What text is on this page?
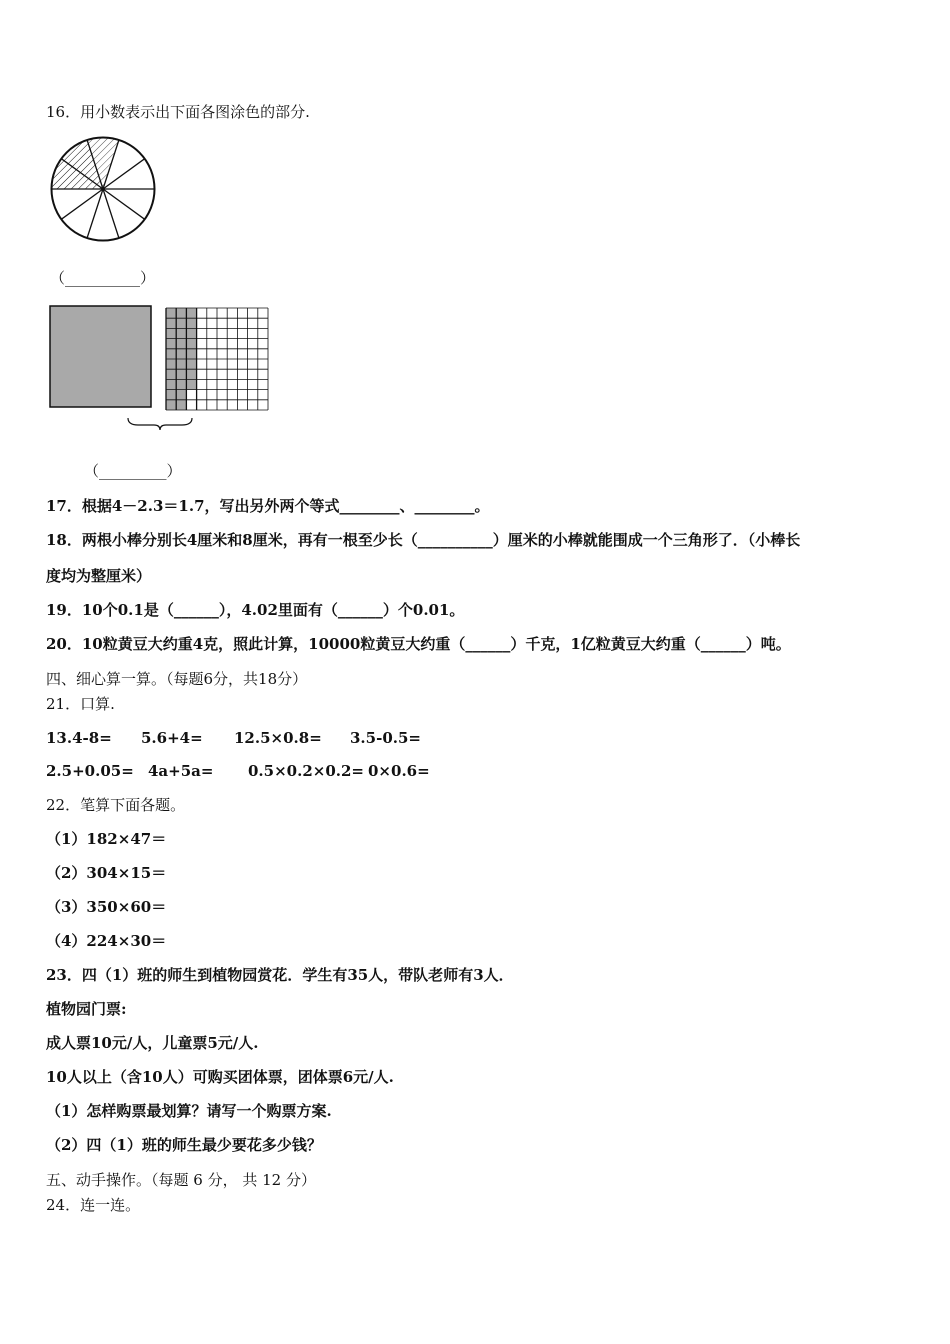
16．用小数表示出下面各图涂色的部分.
（__________）
（_________）
17．根据4－2.3＝1.7，写出另外两个等式________、________。
18．两根小棒分别长4厘米和8厘米，再有一根至少长（__________）厘米的小棒就能围成一个三角形了．（小棒长
度均为整厘米）
19．10个0.1是（______），4.02里面有（______）个0.01。
20．10粒黄豆大约重4克，照此计算，10000粒黄豆大约重（______）千克，1亿粒黄豆大约重（______）吨。
四、细心算一算。（每题6分，共18分）
21．口算.
13.4-8= 5.6+4= 12.5×0.8= 3.5-0.5=
2.5+0.05= 4a+5a= 0.5×0.2×0.2= 0×0.6=
22．笔算下面各题。
（1）182×47＝
（2）304×15＝
（3）350×60＝
（4）224×30＝
23．四（1）班的师生到植物园赏花．学生有35人，带队老师有3人．
植物园门票:
成人票10元/人，儿童票5元/人.
10人以上（含10人）可购买团体票，团体票6元/人.
（1）怎样购票最划算？请写一个购票方案.
（2）四（1）班的师生最少要花多少钱？
五、动手操作。（每题 6 分， 共 12 分）
24．连一连。
